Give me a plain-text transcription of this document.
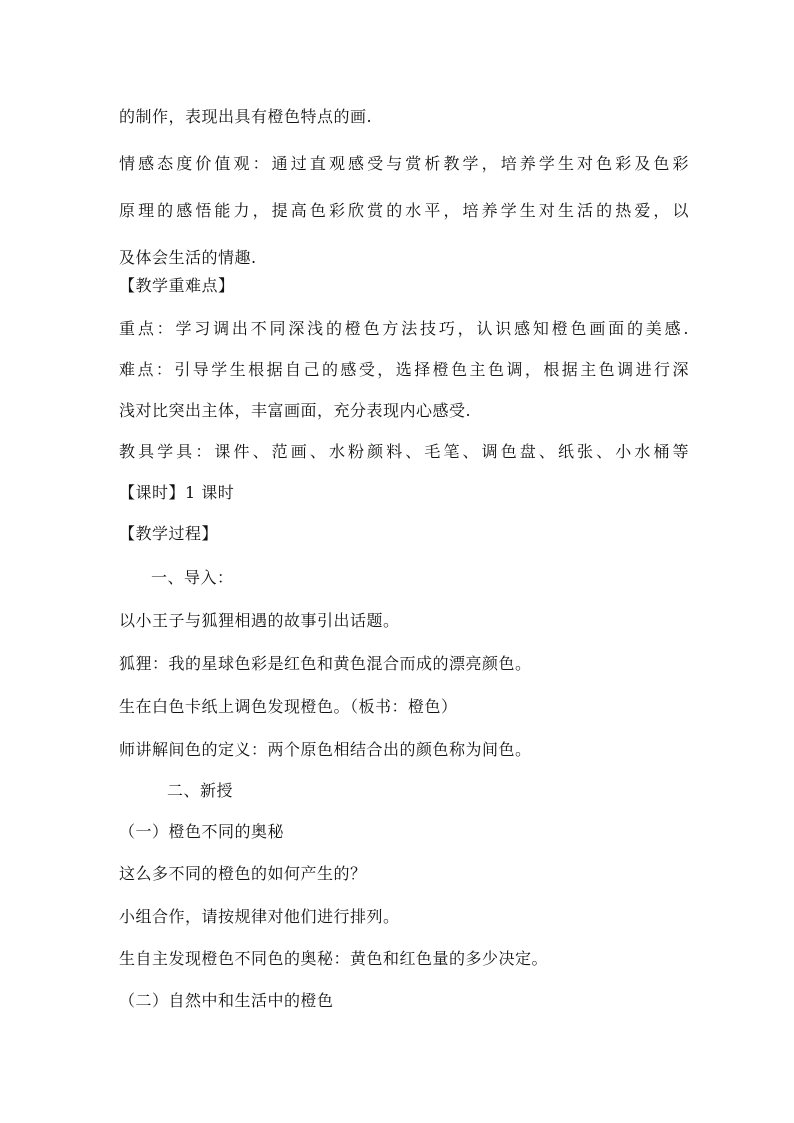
的制作，表现出具有橙色特点的画.
情感态度价值观：通过直观感受与赏析教学，培养学生对色彩及色彩
原理的感悟能力，提高色彩欣赏的水平，培养学生对生活的热爱，以
及体会生活的情趣.
【教学重难点】
重点：学习调出不同深浅的橙色方法技巧，认识感知橙色画面的美感.
难点：引导学生根据自己的感受，选择橙色主色调，根据主色调进行深
浅对比突出主体，丰富画面，充分表现内心感受.
教具学具：课件、范画、水粉颜料、毛笔、调色盘、纸张、小水桶等
【课时】1 课时
【教学过程】
一、导入：
以小王子与狐狸相遇的故事引出话题。
狐狸：我的星球色彩是红色和黄色混合而成的漂亮颜色。
生在白色卡纸上调色发现橙色。（板书：橙色）
师讲解间色的定义：两个原色相结合出的颜色称为间色。
二、新授
（一）橙色不同的奥秘
这么多不同的橙色的如何产生的？
小组合作，请按规律对他们进行排列。
生自主发现橙色不同色的奥秘：黄色和红色量的多少决定。
（二）自然中和生活中的橙色
